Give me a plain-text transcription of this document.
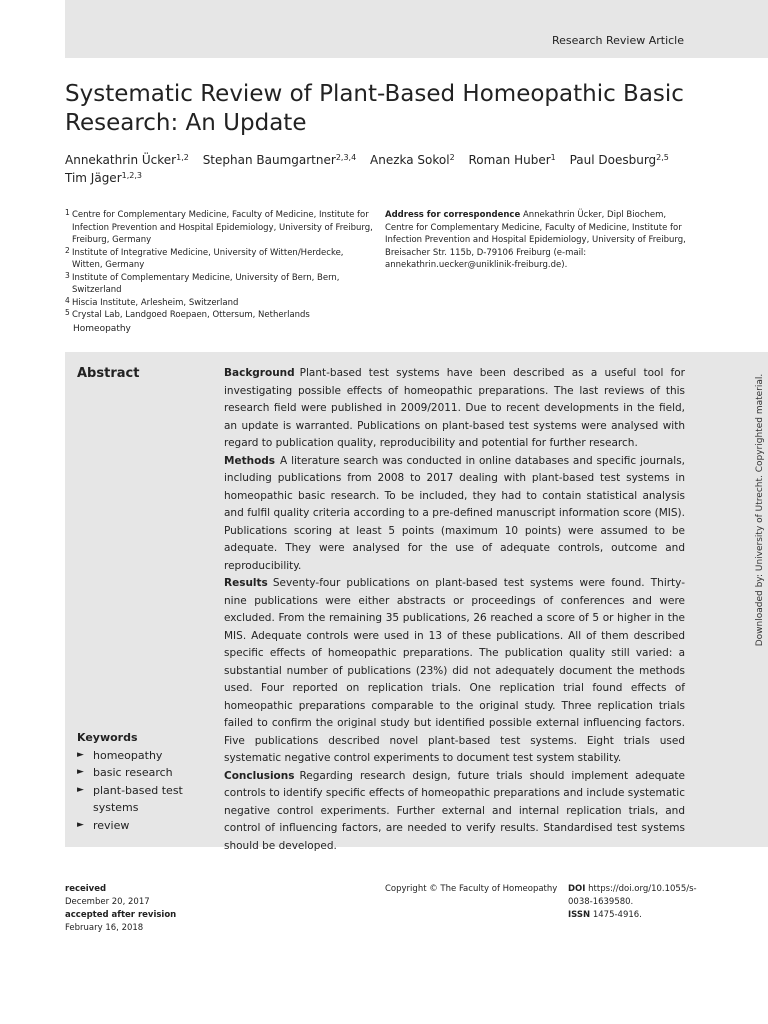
Research Review Article
Systematic Review of Plant-Based Homeopathic Basic Research: An Update
Annekathrin Ücker$^{1,2}$ Stephan Baumgartner$^{2,3,4}$ Anezka Sokol$^2$ Roman Huber$^1$ Paul Doesburg$^{2,5}$
Tim Jäger$^{1,2,3}$
1 Centre for Complementary Medicine, Faculty of Medicine, Institute for Infection Prevention and Hospital Epidemiology, University of Freiburg, Freiburg, Germany
2 Institute of Integrative Medicine, University of Witten/Herdecke, Witten, Germany
3 Institute of Complementary Medicine, University of Bern, Bern, Switzerland
4 Hiscia Institute, Arlesheim, Switzerland
5 Crystal Lab, Landgoed Roepaen, Ottersum, Netherlands
Address for correspondence Annekathrin Ücker, Dipl Biochem, Centre for Complementary Medicine, Faculty of Medicine, Institute for Infection Prevention and Hospital Epidemiology, University of Freiburg, Breisacher Str. 115b, D-79106 Freiburg (e-mail: annekathrin.uecker@uniklinik-freiburg.de).
Homeopathy
Abstract	Background Plant-based test systems have been described as a useful tool for investigating possible effects of homeopathic preparations. The last reviews of this research field were published in 2009/2011. Due to recent developments in the field, an update is warranted. Publications on plant-based test systems were analysed with regard to publication quality, reproducibility and potential for further research.

Methods A literature search was conducted in online databases and specific journals, including publications from 2008 to 2017 dealing with plant-based test systems in homeopathic basic research. To be included, they had to contain statistical analysis and fulfil quality criteria according to a pre-defined manuscript information score (MIS). Publications scoring at least 5 points (maximum 10 points) were assumed to be adequate. They were analysed for the use of adequate controls, outcome and reproducibility.

Results Seventy-four publications on plant-based test systems were found. Thirty-nine publications were either abstracts or proceedings of conferences and were excluded. From the remaining 35 publications, 26 reached a score of 5 or higher in the MIS. Adequate controls were used in 13 of these publications. All of them described specific effects of homeopathic preparations. The publication quality still varied: a substantial number of publications (23%) did not adequately document the methods used. Four reported on replication trials. One replication trial found effects of homeopathic preparations comparable to the original study. Three replication trials failed to confirm the original study but identified possible external influencing factors. Five publications described novel plant-based test systems. Eight trials used systematic negative control experiments to document test system stability.

Conclusions Regarding research design, future trials should implement adequate controls to identify specific effects of homeopathic preparations and include systematic negative control experiments. Further external and internal replication trials, and control of influencing factors, are needed to verify results. Standardised test systems should be developed.

Keywords
► homeopathy
► basic research
► plant-based test systems
► review
Downloaded by: University of Utrecht. Copyrighted material.
received
December 20, 2017
accepted after revision
February 16, 2018
Copyright © The Faculty of Homeopathy DOI https://doi.org/10.1055/s-0038-1639580.
ISSN 1475-4916.
